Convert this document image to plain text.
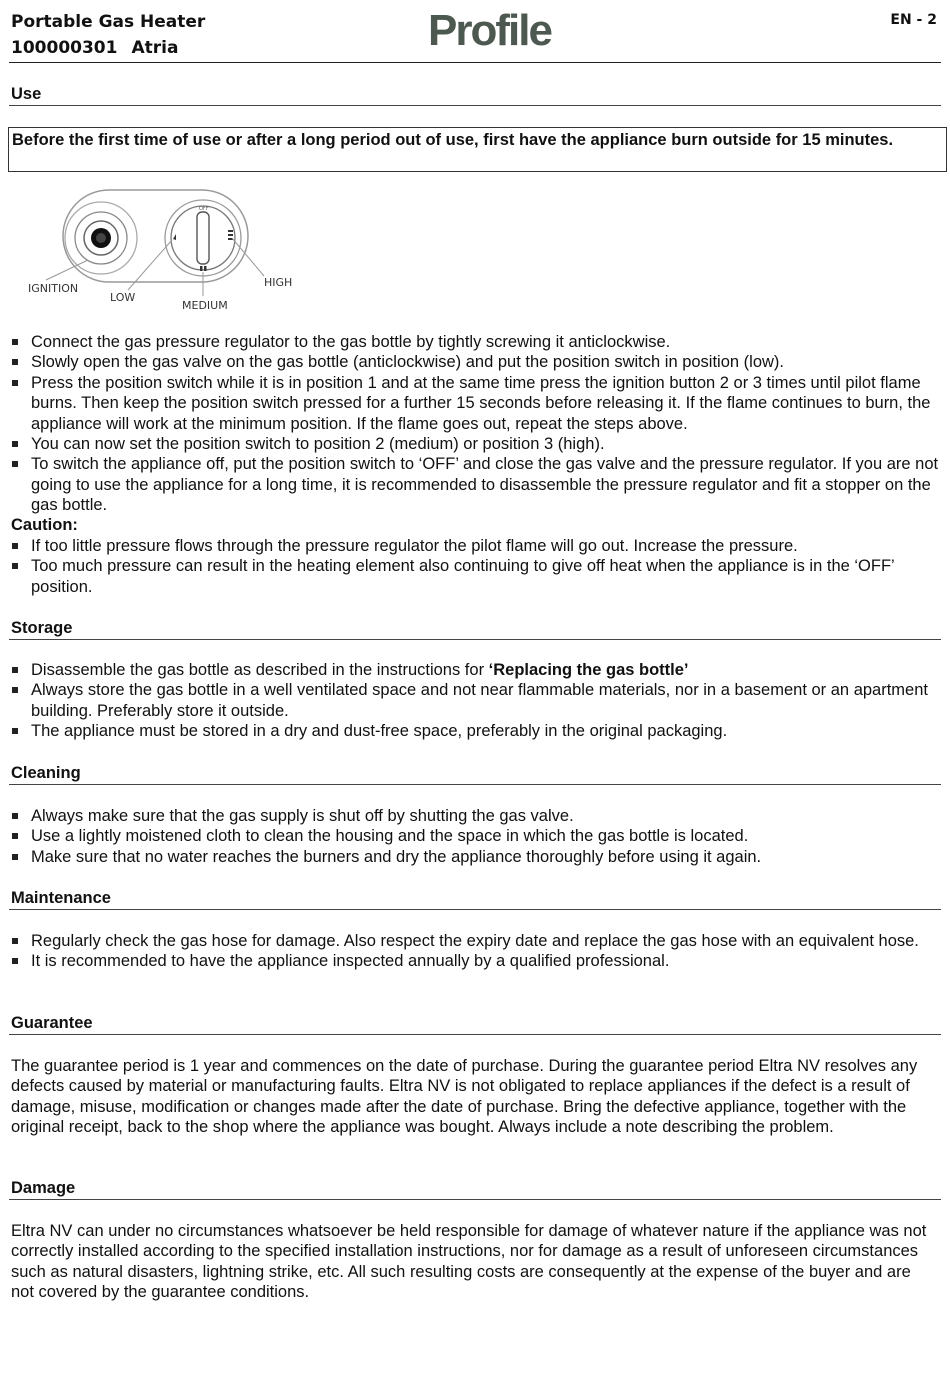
Portable Gas Heater
100000301 Atria	Profile	EN - 2
Use
Before the first time of use or after a long period out of use, first have the appliance burn outside for 15 minutes.
OFF
IGNITION
LOW
MEDIUM
HIGH
Connect the gas pressure regulator to the gas bottle by tightly screwing it anticlockwise.
Slowly open the gas valve on the gas bottle (anticlockwise) and put the position switch in position (low).
Press the position switch while it is in position 1 and at the same time press the ignition button 2 or 3 times until pilot flame burns. Then keep the position switch pressed for a further 15 seconds before releasing it. If the flame continues to burn, the appliance will work at the minimum position. If the flame goes out, repeat the steps above.
You can now set the position switch to position 2 (medium) or position 3 (high).
To switch the appliance off, put the position switch to ‘OFF’ and close the gas valve and the pressure regulator. If you are not going to use the appliance for a long time, it is recommended to disassemble the pressure regulator and fit a stopper on the gas bottle.
Caution:
If too little pressure flows through the pressure regulator the pilot flame will go out. Increase the pressure.
Too much pressure can result in the heating element also continuing to give off heat when the appliance is in the ‘OFF’ position.
Storage
Disassemble the gas bottle as described in the instructions for ‘Replacing the gas bottle’
Always store the gas bottle in a well ventilated space and not near flammable materials, nor in a basement or an apartment building. Preferably store it outside.
The appliance must be stored in a dry and dust-free space, preferably in the original packaging.
Cleaning
Always make sure that the gas supply is shut off by shutting the gas valve.
Use a lightly moistened cloth to clean the housing and the space in which the gas bottle is located.
Make sure that no water reaches the burners and dry the appliance thoroughly before using it again.
Maintenance
Regularly check the gas hose for damage. Also respect the expiry date and replace the gas hose with an equivalent hose.
It is recommended to have the appliance inspected annually by a qualified professional.
Guarantee
The guarantee period is 1 year and commences on the date of purchase. During the guarantee period Eltra NV resolves any defects caused by material or manufacturing faults. Eltra NV is not obligated to replace appliances if the defect is a result of damage, misuse, modification or changes made after the date of purchase. Bring the defective appliance, together with the original receipt, back to the shop where the appliance was bought. Always include a note describing the problem.
Damage
Eltra NV can under no circumstances whatsoever be held responsible for damage of whatever nature if the appliance was not correctly installed according to the specified installation instructions, nor for damage as a result of unforeseen circumstances such as natural disasters, lightning strike, etc. All such resulting costs are consequently at the expense of the buyer and are not covered by the guarantee conditions.
